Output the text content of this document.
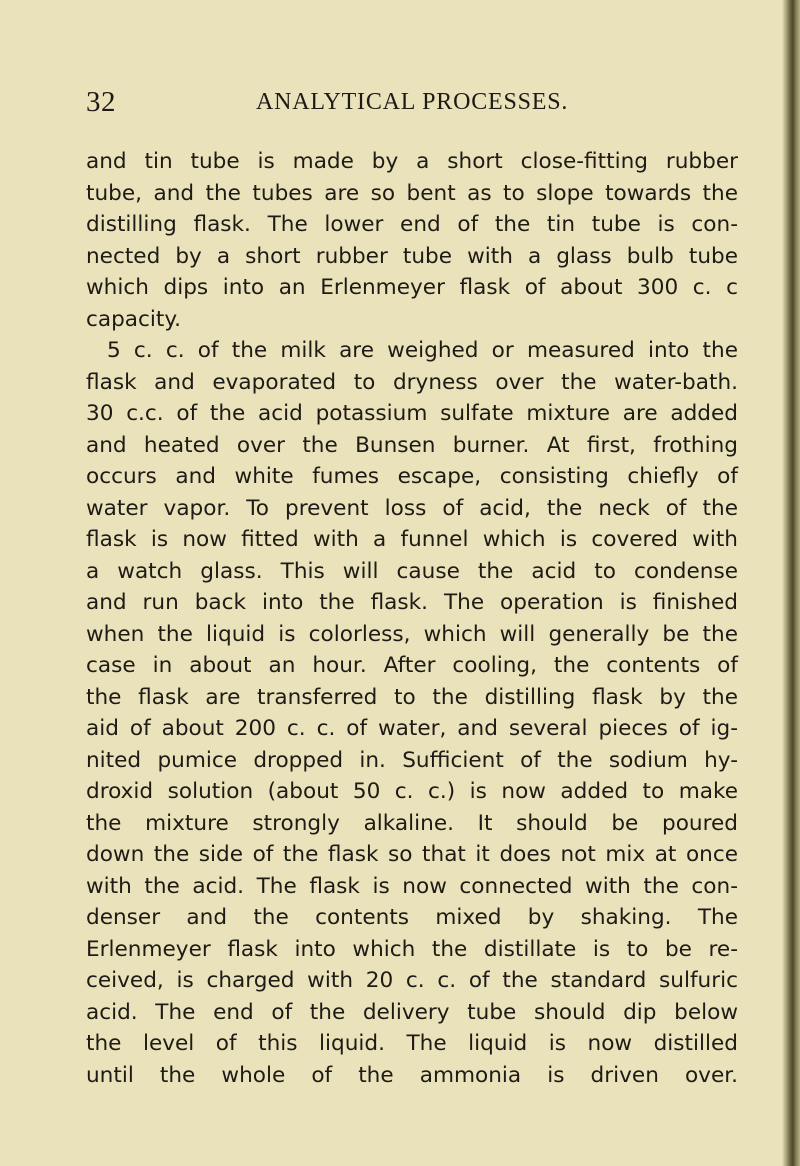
32	ANALYTICAL PROCESSES.
and tin tube is made by a short close-fitting rubber
tube, and the tubes are so bent as to slope towards the
distilling flask. The lower end of the tin tube is con-
nected by a short rubber tube with a glass bulb tube
which dips into an Erlenmeyer flask of about 300 c. c
capacity.
5 c. c. of the milk are weighed or measured into the
flask and evaporated to dryness over the water-bath.
30 c.c. of the acid potassium sulfate mixture are added
and heated over the Bunsen burner. At first, frothing
occurs and white fumes escape, consisting chiefly of
water vapor. To prevent loss of acid, the neck of the
flask is now fitted with a funnel which is covered with
a watch glass. This will cause the acid to condense
and run back into the flask. The operation is finished
when the liquid is colorless, which will generally be the
case in about an hour. After cooling, the contents of
the flask are transferred to the distilling flask by the
aid of about 200 c. c. of water, and several pieces of ig-
nited pumice dropped in. Sufficient of the sodium hy-
droxid solution (about 50 c. c.) is now added to make
the mixture strongly alkaline. It should be poured
down the side of the flask so that it does not mix at once
with the acid. The flask is now connected with the con-
denser and the contents mixed by shaking. The
Erlenmeyer flask into which the distillate is to be re-
ceived, is charged with 20 c. c. of the standard sulfuric
acid. The end of the delivery tube should dip below
the level of this liquid. The liquid is now distilled
until the whole of the ammonia is driven over.
